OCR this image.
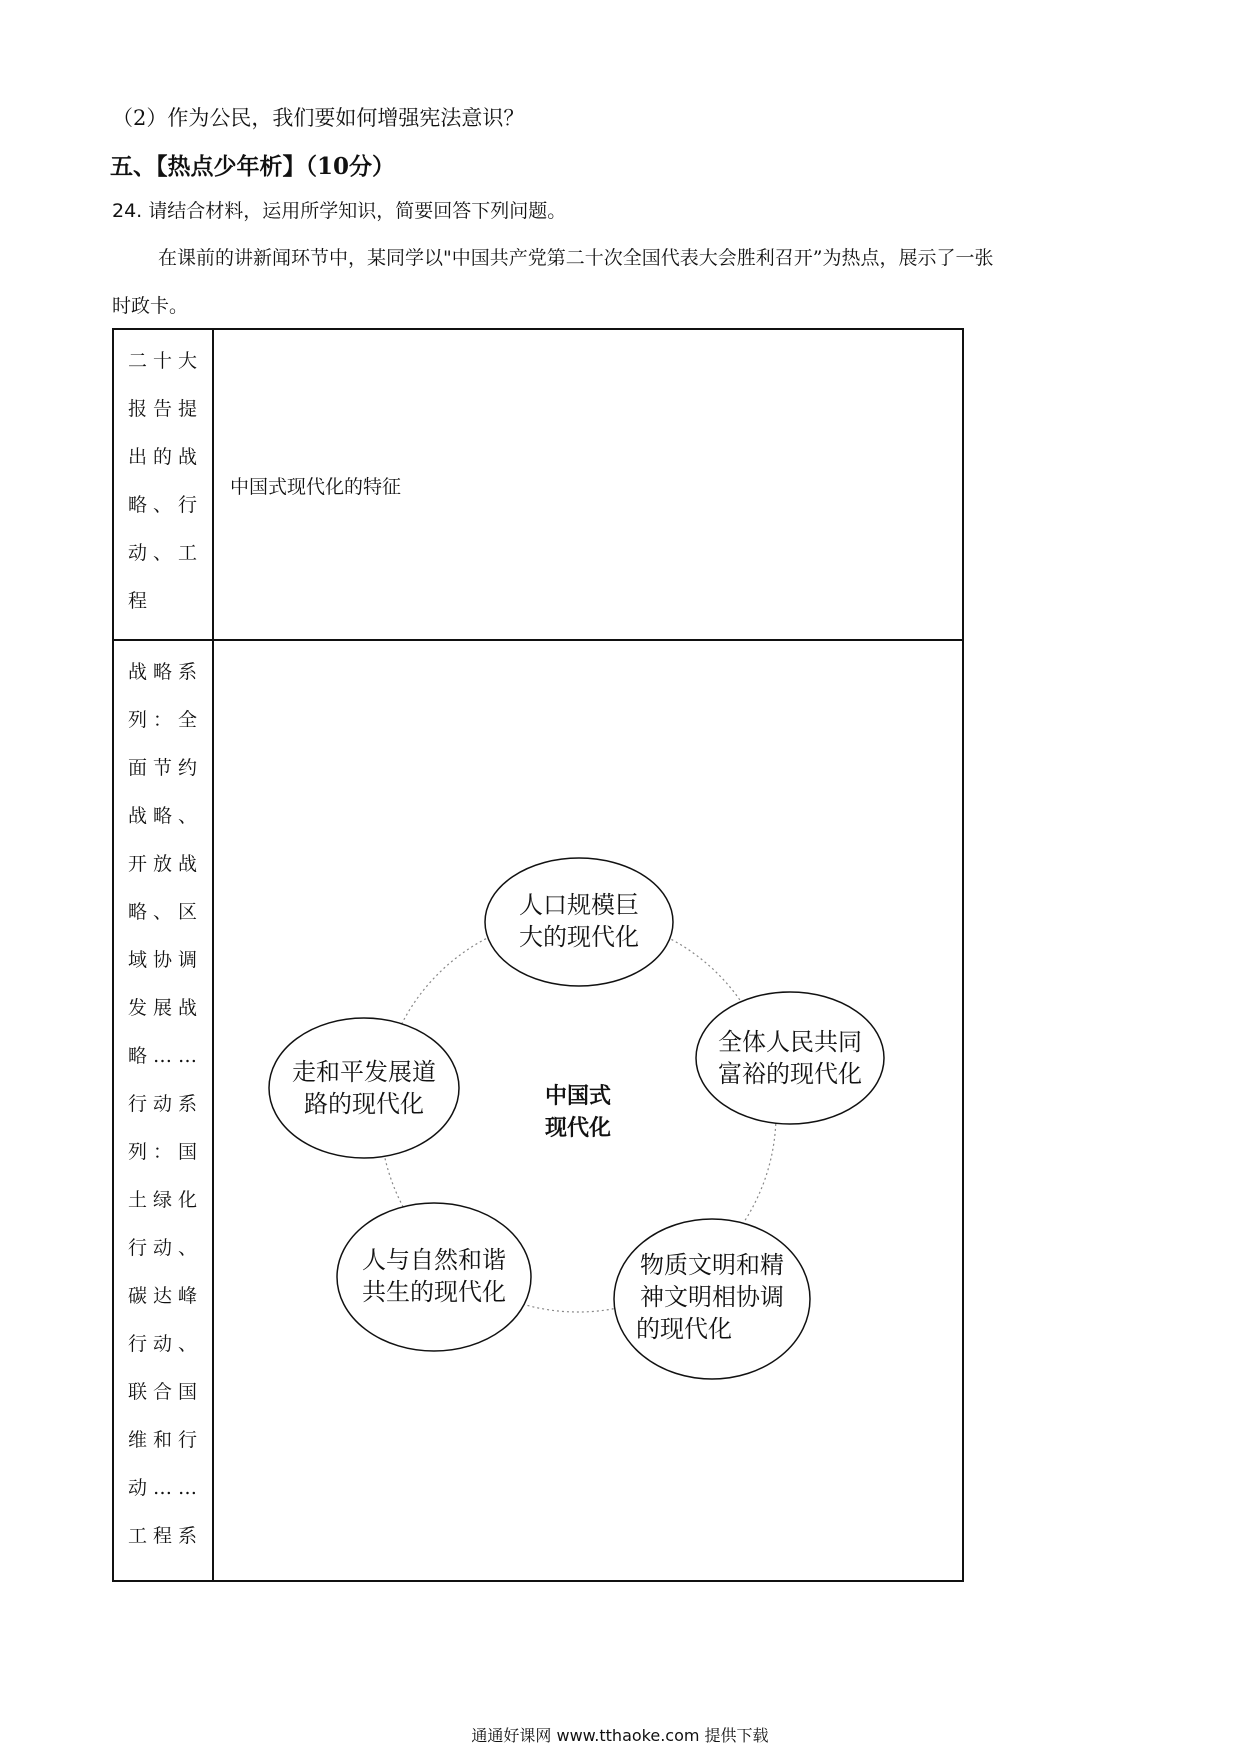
（2）作为公民，我们要如何增强宪法意识？
五、【热点少年析】（10分）
24. 请结合材料，运用所学知识，简要回答下列问题。
在课前的讲新闻环节中，某同学以"中国共产党第二十次全国代表大会胜利召开”为热点，展示了一张
时政卡。
二十大
报告提
出的战
略、行
动、工
程
中国式现代化的特征
战略系
列：全
面节约
战略、
开放战
略、区
域协调
发展战
略……
行动系
列：国
土绿化
行动、
碳达峰
行动、
联合国
维和行
动……
工程系
中国式
现代化
人口规模巨
大的现代化
全体人民共同
富裕的现代化
物质文明和精
神文明相协调
的现代化
人与自然和谐
共生的现代化
走和平发展道
路的现代化
通通好课网 www.tthaoke.com 提供下载
